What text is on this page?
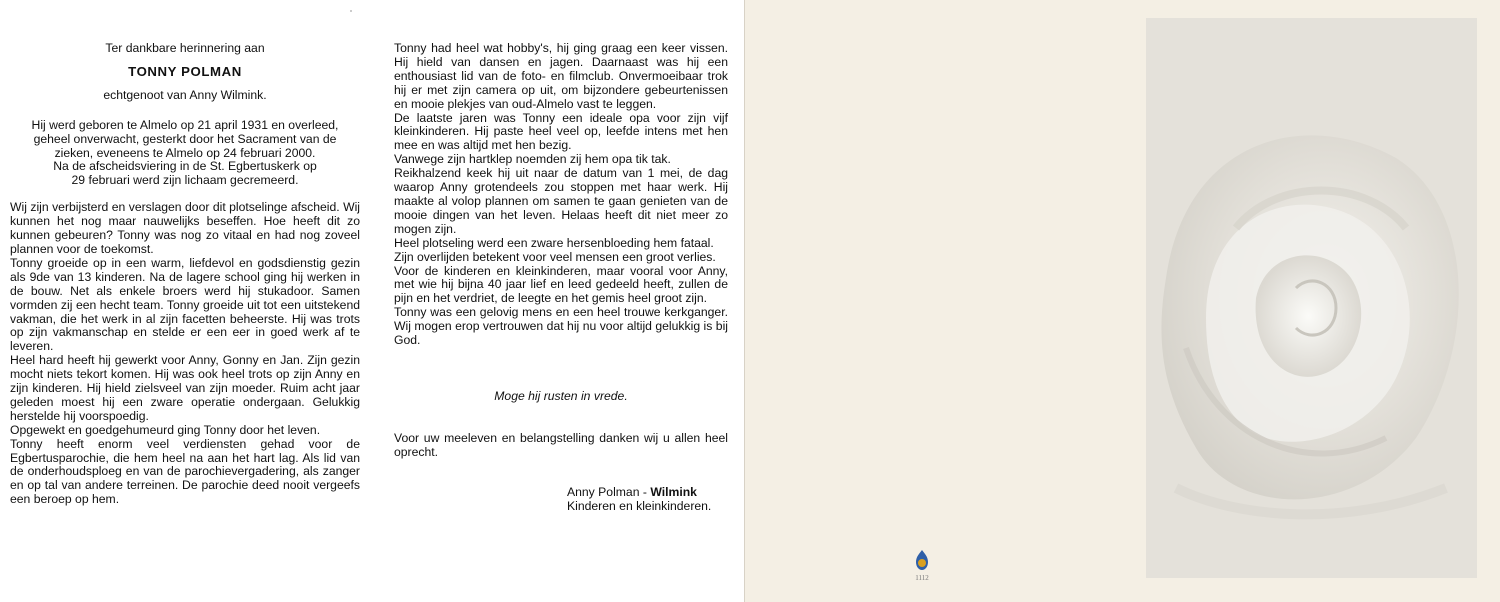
Ter dankbare herinnering aan

TONNY POLMAN

echtgenoot van Anny Wilmink.

Hij werd geboren te Almelo op 21 april 1931 en overleed,
geheel onverwacht, gesterkt door het Sacrament van de
zieken, eveneens te Almelo op 24 februari 2000.
Na de afscheidsviering in de St. Egbertuskerk op
29 februari werd zijn lichaam gecremeerd.

Wij zijn verbijsterd en verslagen door dit plotselinge afscheid. Wij kunnen het nog maar nauwelijks beseffen. Hoe heeft dit zo kunnen gebeuren? Tonny was nog zo vitaal en had nog zoveel plannen voor de toekomst.

Tonny groeide op in een warm, liefdevol en godsdienstig gezin als 9de van 13 kinderen. Na de lagere school ging hij werken in de bouw. Net als enkele broers werd hij stukadoor. Samen vormden zij een hecht team. Tonny groeide uit tot een uitstekend vakman, die het werk in al zijn facetten beheerste. Hij was trots op zijn vakmanschap en stelde er een eer in goed werk af te leveren.

Heel hard heeft hij gewerkt voor Anny, Gonny en Jan. Zijn gezin mocht niets tekort komen. Hij was ook heel trots op zijn Anny en zijn kinderen. Hij hield zielsveel van zijn moeder. Ruim acht jaar geleden moest hij een zware operatie ondergaan. Gelukkig herstelde hij voorspoedig.

Opgewekt en goedgehumeurd ging Tonny door het leven.

Tonny heeft enorm veel verdiensten gehad voor de Egbertusparochie, die hem heel na aan het hart lag. Als lid van de onderhoudsploeg en van de parochievergadering, als zanger en op tal van andere terreinen. De parochie deed nooit vergeefs een beroep op hem.

Tonny had heel wat hobby's, hij ging graag een keer vissen. Hij hield van dansen en jagen. Daarnaast was hij een enthousiast lid van de foto- en filmclub. Onvermoeibaar trok hij er met zijn camera op uit, om bijzondere gebeurtenissen en mooie plekjes van oud-Almelo vast te leggen.

De laatste jaren was Tonny een ideale opa voor zijn vijf kleinkinderen. Hij paste heel veel op, leefde intens met hen mee en was altijd met hen bezig.

Vanwege zijn hartklep noemden zij hem opa tik tak.

Reikhalzend keek hij uit naar de datum van 1 mei, de dag waarop Anny grotendeels zou stoppen met haar werk. Hij maakte al volop plannen om samen te gaan genieten van de mooie dingen van het leven. Helaas heeft dit niet meer zo mogen zijn.

Heel plotseling werd een zware hersenbloeding hem fataal.

Zijn overlijden betekent voor veel mensen een groot verlies.

Voor de kinderen en kleinkinderen, maar vooral voor Anny, met wie hij bijna 40 jaar lief en leed gedeeld heeft, zullen de pijn en het verdriet, de leegte en het gemis heel groot zijn.

Tonny was een gelovig mens en een heel trouwe kerkganger. Wij mogen erop vertrouwen dat hij nu voor altijd gelukkig is bij God.

Moge hij rusten in vrede.

Voor uw meeleven en belangstelling danken wij u allen heel oprecht.

Anny Polman - Wilmink

Kinderen en kleinkinderen.

1112
